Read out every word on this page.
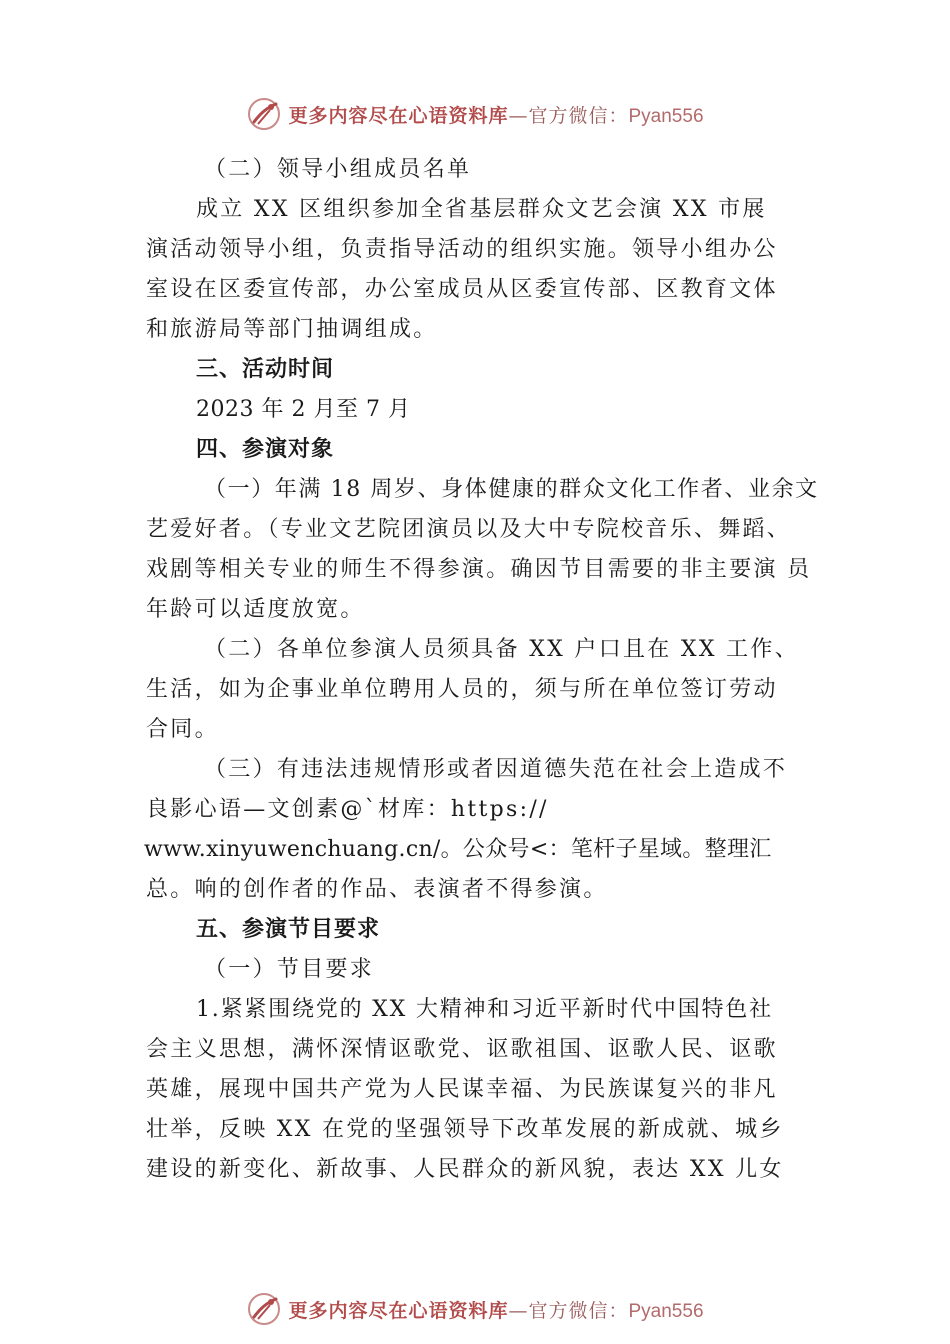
更多内容尽在心语资料库—官方微信：Pyan556

（二）领导小组成员名单

成立 XX 区组织参加全省基层群众文艺会演 XX 市展

演活动领导小组，负责指导活动的组织实施。领导小组办公

室设在区委宣传部，办公室成员从区委宣传部、区教育文体

和旅游局等部门抽调组成。

三、活动时间

2023 年 2 月至 7 月

四、参演对象

（一）年满 18 周岁、身体健康的群众文化工作者、业余文

艺爱好者。（专业文艺院团演员以及大中专院校音乐、舞蹈、

戏剧等相关专业的师生不得参演。确因节目需要的非主要演 员

年龄可以适度放宽。

（二）各单位参演人员须具备 XX 户口且在 XX 工作、

生活，如为企事业单位聘用人员的，须与所在单位签订劳动

合同。

（三）有违法违规情形或者因道德失范在社会上造成不

良影心语—文创素@`材库：https://

www.xinyuwenchuang.cn/。公众号<：笔杆子星域。整理汇

总。响的创作者的作品、表演者不得参演。

五、参演节目要求

（一）节目要求

1.紧紧围绕党的 XX 大精神和习近平新时代中国特色社

会主义思想，满怀深情讴歌党、讴歌祖国、讴歌人民、讴歌

英雄，展现中国共产党为人民谋幸福、为民族谋复兴的非凡

壮举，反映 XX 在党的坚强领导下改革发展的新成就、城乡

建设的新变化、新故事、人民群众的新风貌，表达 XX 儿女

更多内容尽在心语资料库—官方微信：Pyan556
